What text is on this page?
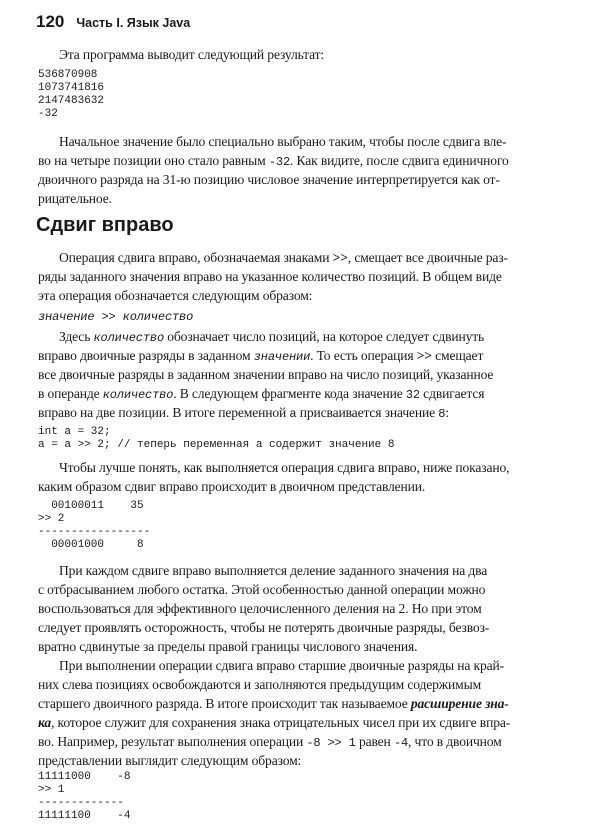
120 Часть I. Язык Java
Эта программа выводит следующий результат:
536870908
1073741816
2147483632
-32
Начальное значение было специально выбрано таким, чтобы после сдвига вле-
во на четыре позиции оно стало равным -32. Как видите, после сдвига единичного
двоичного разряда на 31-ю позицию числовое значение интерпретируется как от-
рицательное.
Сдвиг вправо
Операция сдвига вправо, обозначаемая знаками >>, смещает все двоичные раз-
ряды заданного значения вправо на указанное количество позиций. В общем виде
эта операция обозначается следующим образом:
значение >> количество
Здесь количество обозначает число позиций, на которое следует сдвинуть
вправо двоичные разряды в заданном значении. То есть операция >> смещает
все двоичные разряды в заданном значении вправо на число позиций, указанное
в операнде количество. В следующем фрагменте кода значение 32 сдвигается
вправо на две позиции. В итоге переменной a присваивается значение 8:
int a = 32;
a = a >> 2; // теперь переменная a содержит значение 8
Чтобы лучше понять, как выполняется операция сдвига вправо, ниже показано,
каким образом сдвиг вправо происходит в двоичном представлении.
00100011    35
>> 2
-----------------
00001000     8
При каждом сдвиге вправо выполняется деление заданного значения на два
с отбрасыванием любого остатка. Этой особенностью данной операции можно
воспользоваться для эффективного целочисленного деления на 2. Но при этом
следует проявлять осторожность, чтобы не потерять двоичные разряды, безвоз-
вратно сдвинутые за пределы правой границы числового значения.
При выполнении операции сдвига вправо старшие двоичные разряды на край-
них слева позициях освобождаются и заполняются предыдущим содержимым
старшего двоичного разряда. В итоге происходит так называемое расширение зна-
ка, которое служит для сохранения знака отрицательных чисел при их сдвиге впра-
во. Например, результат выполнения операции -8 >> 1 равен -4, что в двоичном
представлении выглядит следующим образом:
11111000    -8
>> 1
-------------
11111100    -4
